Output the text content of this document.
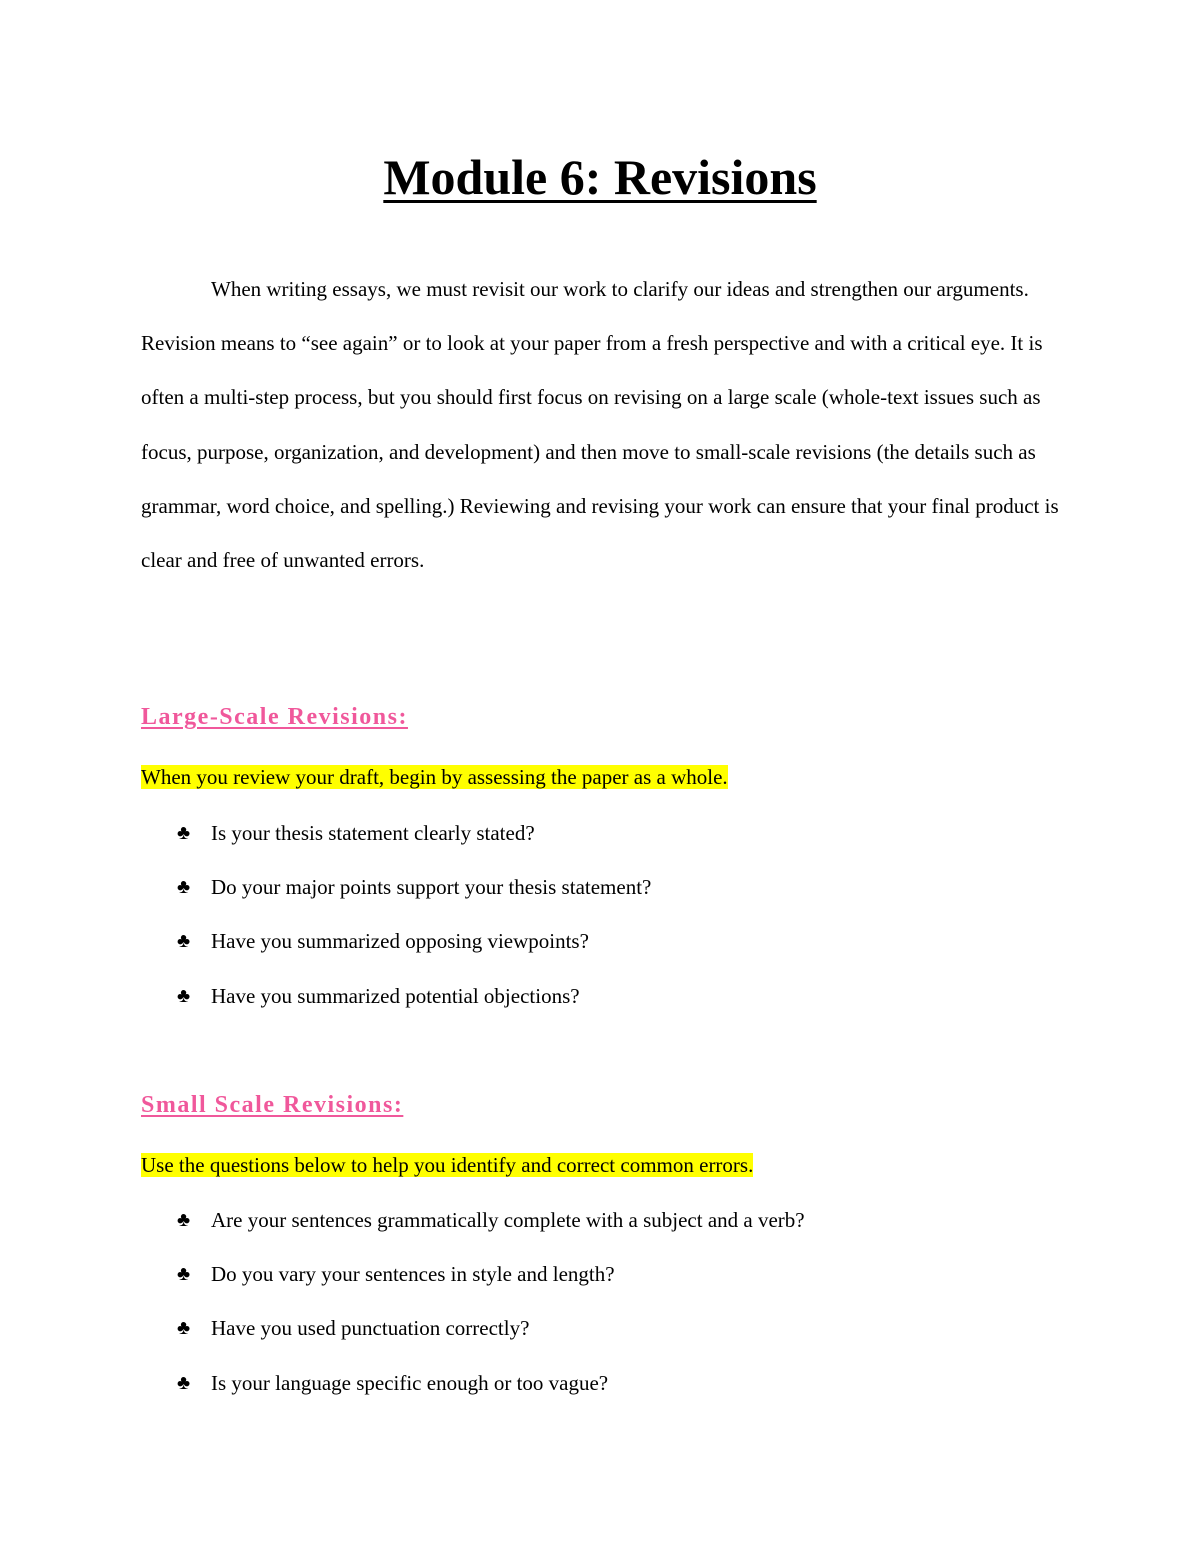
Module 6: Revisions

When writing essays, we must revisit our work to clarify our ideas and strengthen our arguments. Revision means to “see again” or to look at your paper from a fresh perspective and with a critical eye. It is often a multi-step process, but you should first focus on revising on a large scale (whole-text issues such as focus, purpose, organization, and development) and then move to small-scale revisions (the details such as grammar, word choice, and spelling.) Reviewing and revising your work can ensure that your final product is clear and free of unwanted errors.

Large-Scale Revisions:

When you review your draft, begin by assessing the paper as a whole.

♣ Is your thesis statement clearly stated?
♣ Do your major points support your thesis statement?
♣ Have you summarized opposing viewpoints?
♣ Have you summarized potential objections?
Small Scale Revisions:

Use the questions below to help you identify and correct common errors.

♣ Are your sentences grammatically complete with a subject and a verb?
♣ Do you vary your sentences in style and length?
♣ Have you used punctuation correctly?
♣ Is your language specific enough or too vague?
